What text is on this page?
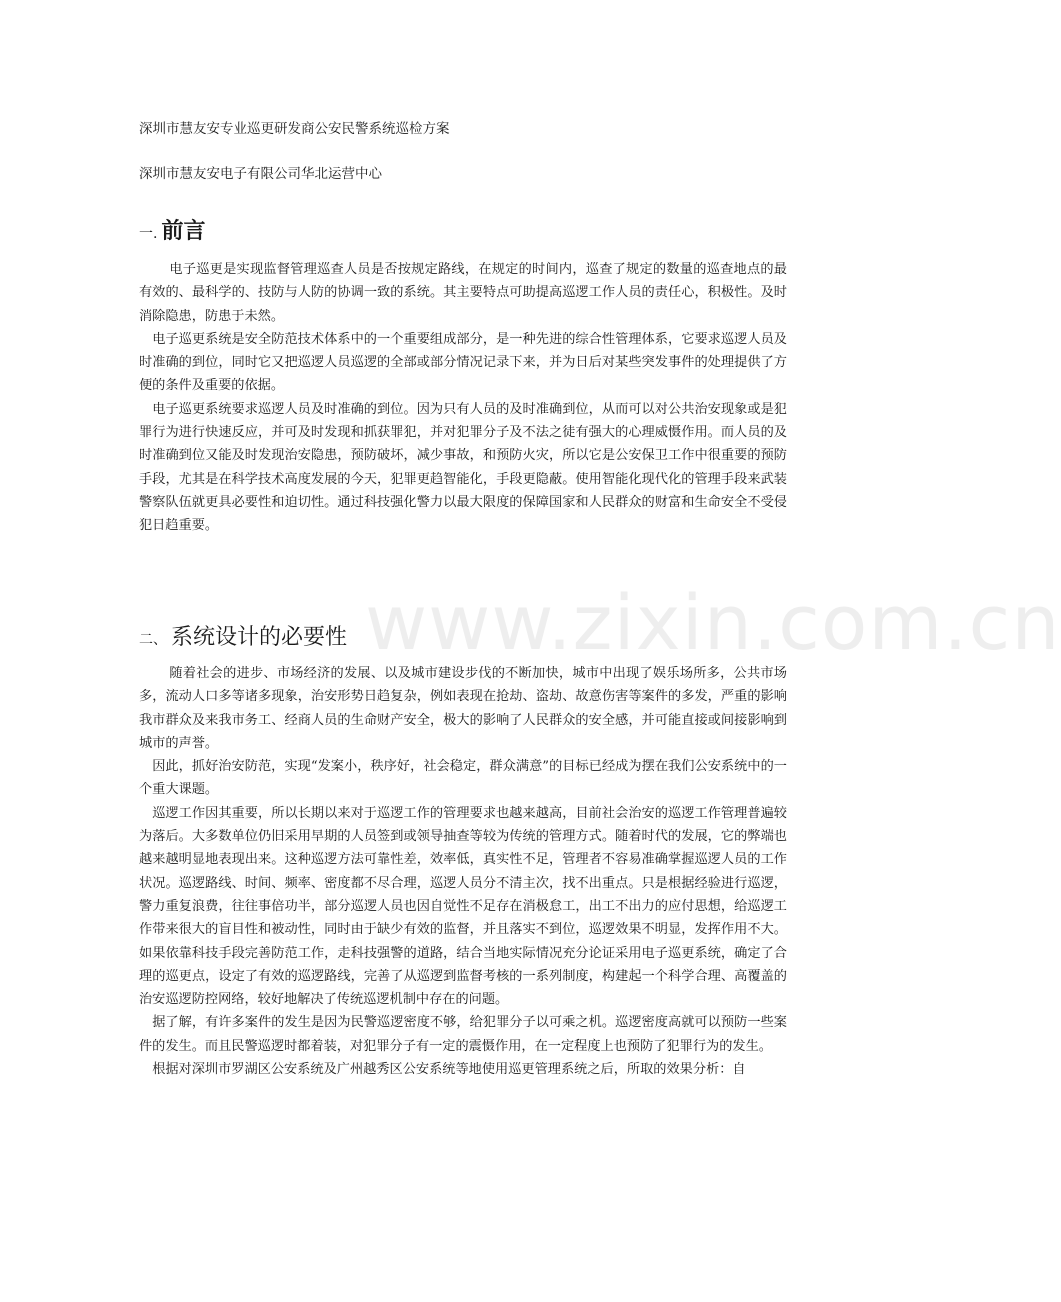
深圳市慧友安专业巡更研发商公安民警系统巡检方案
深圳市慧友安电子有限公司华北运营中心
一. 前言

电子巡更是实现监督管理巡查人员是否按规定路线，在规定的时间内，巡查了规定的数量的巡查地点的最有效的、最科学的、技防与人防的协调一致的系统。其主要特点可助提高巡逻工作人员的责任心，积极性。及时消除隐患，防患于未然。

电子巡更系统是安全防范技术体系中的一个重要组成部分，是一种先进的综合性管理体系，它要求巡逻人员及时准确的到位，同时它又把巡逻人员巡逻的全部或部分情况记录下来，并为日后对某些突发事件的处理提供了方便的条件及重要的依据。

电子巡更系统要求巡逻人员及时准确的到位。因为只有人员的及时准确到位，从而可以对公共治安现象或是犯罪行为进行快速反应，并可及时发现和抓获罪犯，并对犯罪分子及不法之徒有强大的心理威慑作用。而人员的及时准确到位又能及时发现治安隐患，预防破坏，减少事故，和预防火灾，所以它是公安保卫工作中很重要的预防手段，尤其是在科学技术高度发展的今天，犯罪更趋智能化，手段更隐蔽。使用智能化现代化的管理手段来武装警察队伍就更具必要性和迫切性。通过科技强化警力以最大限度的保障国家和人民群众的财富和生命安全不受侵犯日趋重要。

二、 系统设计的必要性

随着社会的进步、市场经济的发展、以及城市建设步伐的不断加快，城市中出现了娱乐场所多，公共市场多，流动人口多等诸多现象，治安形势日趋复杂，例如表现在抢劫、盗劫、故意伤害等案件的多发，严重的影响我市群众及来我市务工、经商人员的生命财产安全，极大的影响了人民群众的安全感，并可能直接或间接影响到城市的声誉。

因此，抓好治安防范，实现“发案小，秩序好，社会稳定，群众满意”的目标已经成为摆在我们公安系统中的一个重大课题。

巡逻工作因其重要，所以长期以来对于巡逻工作的管理要求也越来越高，目前社会治安的巡逻工作管理普遍较为落后。大多数单位仍旧采用早期的人员签到或领导抽查等较为传统的管理方式。随着时代的发展，它的弊端也越来越明显地表现出来。这种巡逻方法可靠性差，效率低，真实性不足，管理者不容易准确掌握巡逻人员的工作状况。巡逻路线、时间、频率、密度都不尽合理，巡逻人员分不清主次，找不出重点。只是根据经验进行巡逻，警力重复浪费，往往事倍功半，部分巡逻人员也因自觉性不足存在消极怠工，出工不出力的应付思想，给巡逻工作带来很大的盲目性和被动性，同时由于缺少有效的监督，并且落实不到位，巡逻效果不明显，发挥作用不大。如果依靠科技手段完善防范工作，走科技强警的道路，结合当地实际情况充分论证采用电子巡更系统，确定了合理的巡更点，设定了有效的巡逻路线，完善了从巡逻到监督考核的一系列制度，构建起一个科学合理、高覆盖的治安巡逻防控网络，较好地解决了传统巡逻机制中存在的问题。

据了解，有许多案件的发生是因为民警巡逻密度不够，给犯罪分子以可乘之机。巡逻密度高就可以预防一些案件的发生。而且民警巡逻时都着装，对犯罪分子有一定的震慑作用，在一定程度上也预防了犯罪行为的发生。

根据对深圳市罗湖区公安系统及广州越秀区公安系统等地使用巡更管理系统之后，所取的效果分析：自

www.zixin.com.cn
